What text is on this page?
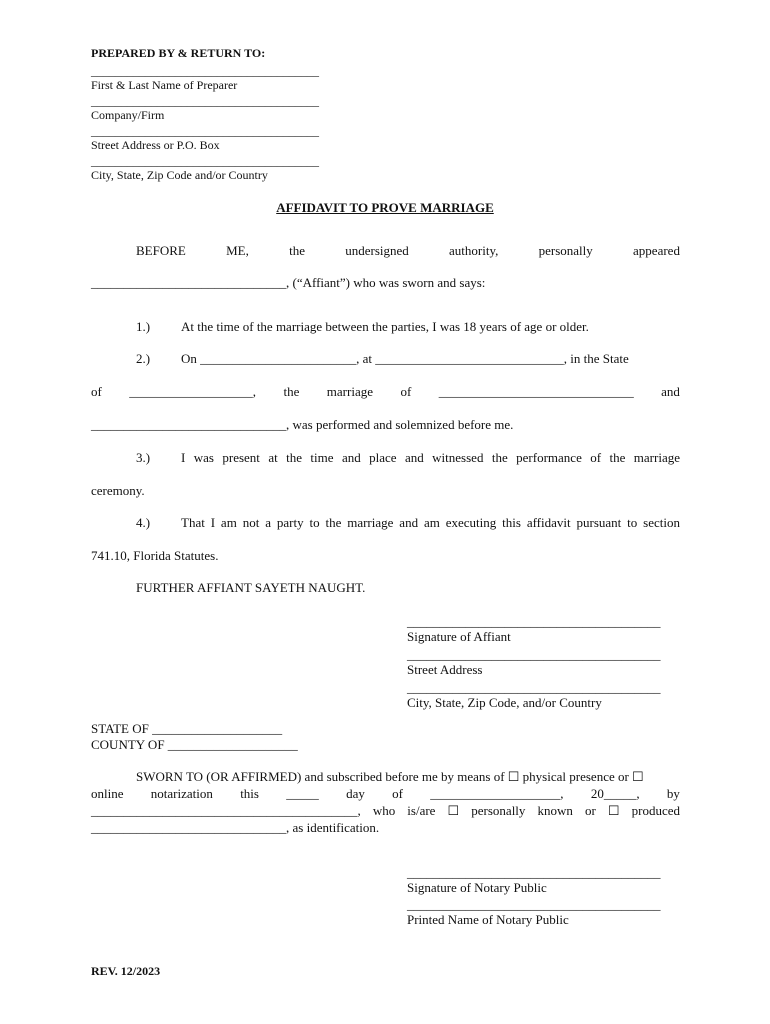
PREPARED BY & RETURN TO:
______________________________________
First & Last Name of Preparer
______________________________________
Company/Firm
______________________________________
Street Address or P.O. Box
______________________________________
City, State, Zip Code and/or Country
AFFIDAVIT TO PROVE MARRIAGE
BEFORE	ME,	the	undersigned	authority,	personally	appeared
______________________________, (“Affiant”) who was sworn and says:
1.) At the time of the marriage between the parties, I was 18 years of age or older.
2.) On ________________________, at _____________________________, in the State
of ___________________, the marriage of ______________________________ and
______________________________, was performed and solemnized before me.
3.) I was present at the time and place and witnessed the performance of the marriage
ceremony.
4.) That I am not a party to the marriage and am executing this affidavit pursuant to section
741.10, Florida Statutes.
FURTHER AFFIANT SAYETH NAUGHT.
_______________________________________
Signature of Affiant
_______________________________________
Street Address
_______________________________________
City, State, Zip Code, and/or Country
STATE OF ____________________
COUNTY OF ____________________
SWORN TO (OR AFFIRMED) and subscribed before me by means of ☐ physical presence or ☐
online notarization this _____ day of ____________________, 20_____, by
_________________________________________, who is/are ☐ personally known or ☐ produced
______________________________, as identification.
_______________________________________
Signature of Notary Public
_______________________________________
Printed Name of Notary Public
REV. 12/2023
